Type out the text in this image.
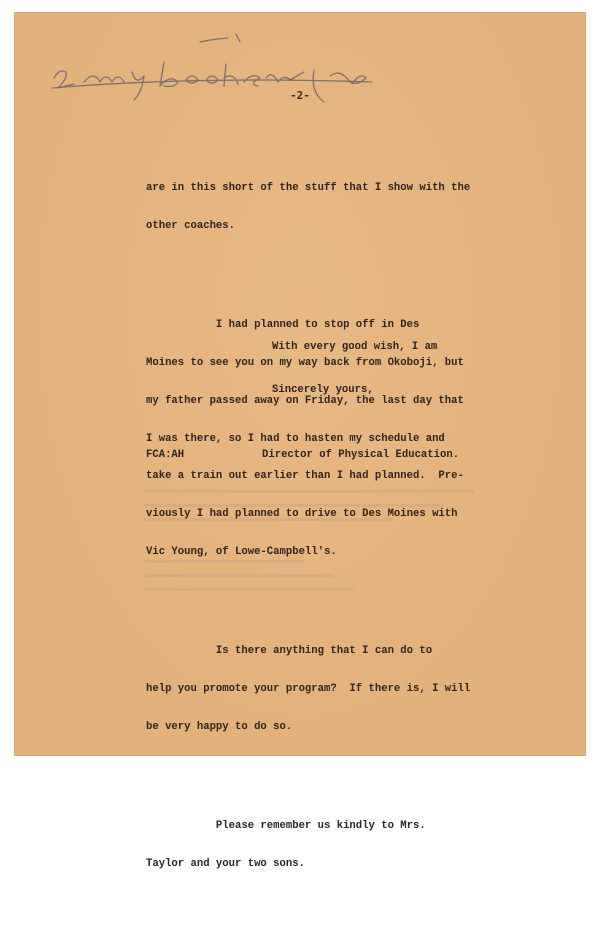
-2-

are in this short of the stuff that I show with the

other coaches.

I had planned to stop off in Des

Moines to see you on my way back from Okoboji, but

my father passed away on Friday, the last day that

I was there, so I had to hasten my schedule and

take a train out earlier than I had planned.  Pre-

viously I had planned to drive to Des Moines with

Vic Young, of Lowe-Campbell's.

Is there anything that I can do to

help you promote your program?  If there is, I will

be very happy to do so.

Please remember us kindly to Mrs.

Taylor and your two sons.

With every good wish, I am
Sincerely yours,
FCA:AH	Director of Physical Education.
